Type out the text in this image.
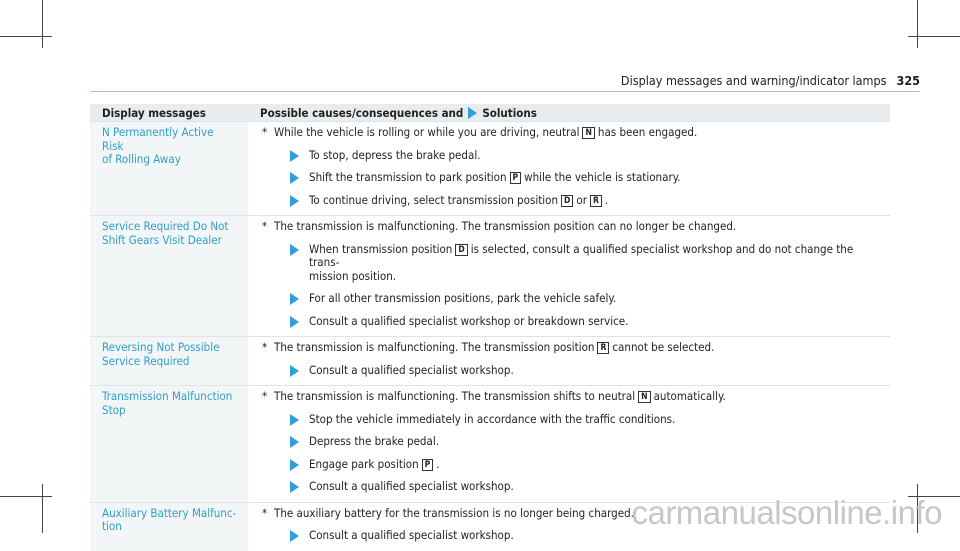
Display messages and warning/indicator lamps 325
Display messages	Possible causes/consequences and Solutions
N Permanently Active Risk
of Rolling Away
* While the vehicle is rolling or while you are driving, neutral N has been engaged.
To stop, depress the brake pedal.
Shift the transmission to park position P while the vehicle is stationary.
To continue driving, select transmission position D or R .
Service Required Do Not
Shift Gears Visit Dealer
* The transmission is malfunctioning. The transmission position can no longer be changed.
When transmission position D is selected, consult a qualified specialist workshop and do not change the trans-
mission position.
For all other transmission positions, park the vehicle safely.
Consult a qualified specialist workshop or breakdown service.
Reversing Not Possible
Service Required
* The transmission is malfunctioning. The transmission position R cannot be selected.
Consult a qualified specialist workshop.
Transmission Malfunction
Stop
* The transmission is malfunctioning. The transmission shifts to neutral N automatically.
Stop the vehicle immediately in accordance with the traffic conditions.
Depress the brake pedal.
Engage park position P .
Consult a qualified specialist workshop.
Auxiliary Battery Malfunc-
tion
* The auxiliary battery for the transmission is no longer being charged.
Consult a qualified specialist workshop.
carmanualsonline.info
